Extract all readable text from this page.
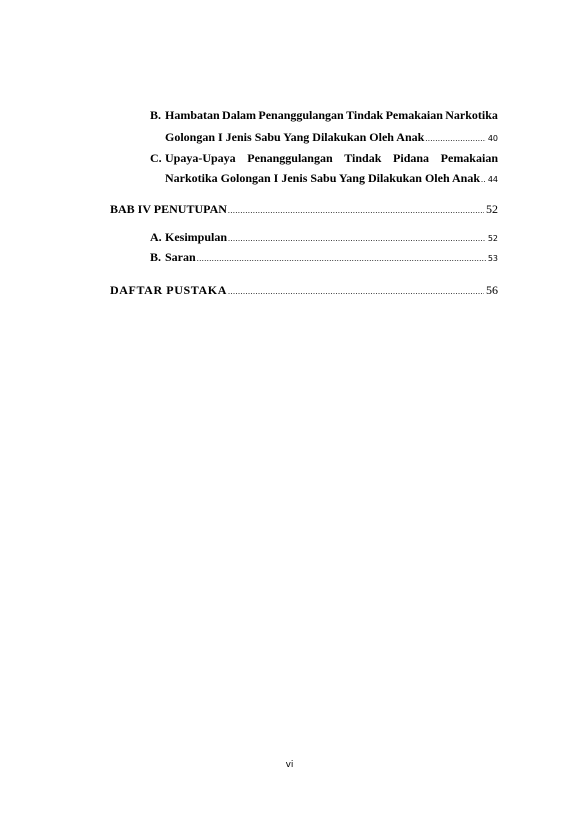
B. Hambatan Dalam Penanggulangan Tindak Pemakaian Narkotika
Golongan I Jenis Sabu Yang Dilakukan Oleh Anak .....	40
C. Upaya-Upaya Penanggulangan Tindak Pidana Pemakaian
Narkotika Golongan I Jenis Sabu Yang Dilakukan Oleh Anak ..... 44
BAB IV PENUTUPAN .....	52
A. Kesimpulan .....	52
B. Saran .....	53
DAFTAR PUSTAKA .....	56
vi
